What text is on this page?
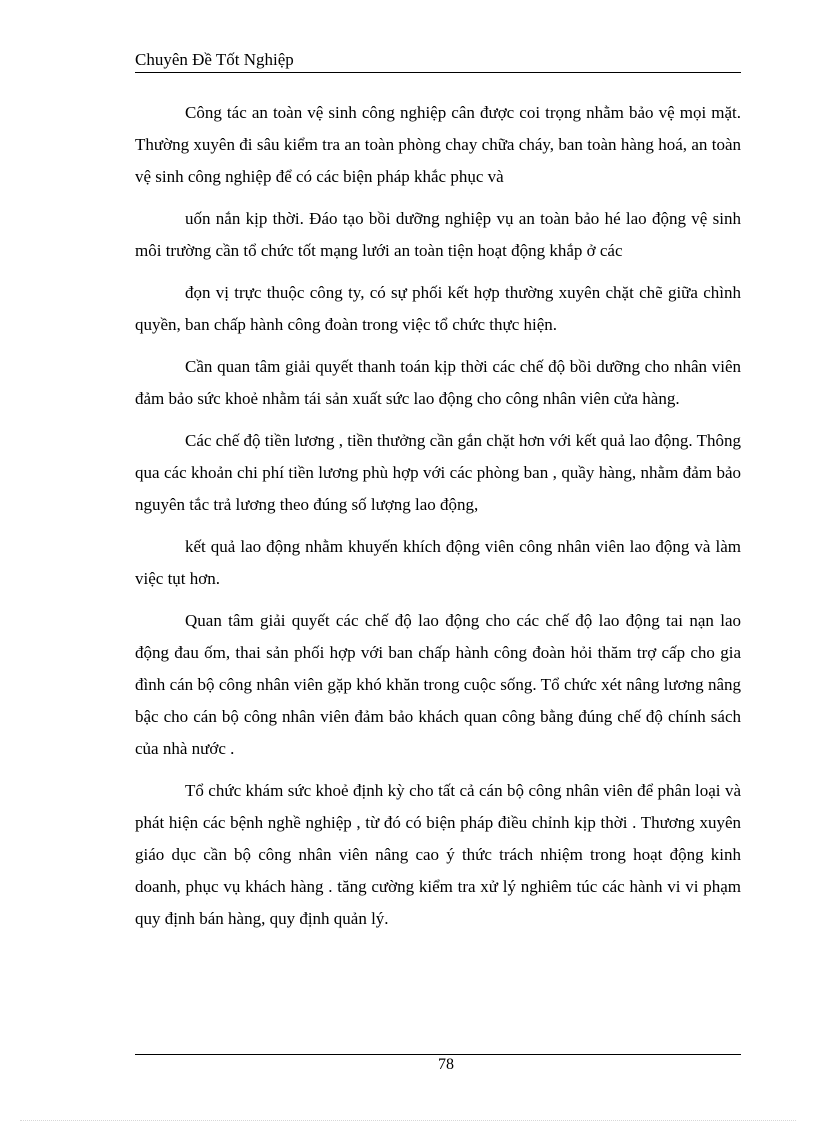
Chuyên Đề Tốt Nghiệp

Công tác an toàn vệ sinh công nghiệp cân được coi trọng nhằm bảo vệ mọi mặt. Thường xuyên đi sâu kiểm tra an toàn phòng chay chữa cháy, ban toàn hàng hoá, an toàn vệ sinh công nghiệp để có các biện pháp khắc phục và

uốn nắn kịp thời. Đáo tạo bồi dưỡng nghiệp vụ an toàn bảo hé lao động vệ sinh môi trường cần tổ chức tốt mạng lưới an toàn tiện hoạt động khắp ở các

đọn vị trực thuộc công ty, có sự phối kết hợp thường xuyên chặt chẽ giữa chình quyền, ban chấp hành công đoàn trong việc tổ chức thực hiện.

Cần quan tâm giải quyết thanh toán kịp thời các chế độ bồi dưỡng cho nhân viên đảm bảo sức khoẻ nhằm tái sản xuất sức lao động cho công nhân viên cửa hàng.

Các chế độ tiền lương , tiền thưởng cần gắn chặt hơn với kết quả lao động. Thông qua các khoản chi phí tiền lương phù hợp với các phòng ban , quầy hàng, nhằm đảm bảo nguyên tắc trả lương theo đúng số lượng lao động,

kết quả lao động nhằm khuyến khích động viên công nhân viên lao động và làm việc tụt hơn.

Quan tâm giải quyết các chế độ lao động cho các chế độ lao động tai nạn lao động đau ốm, thai sản phối hợp với ban chấp hành công đoàn hỏi thăm trợ cấp cho gia đình cán bộ công nhân viên gặp khó khăn trong cuộc sống. Tổ chức xét nâng lương nâng bậc cho cán bộ công nhân viên đảm bảo khách quan công bằng đúng chế độ chính sách của nhà nước .

Tổ chức khám sức khoẻ định kỳ cho tất cả cán bộ công nhân viên để phân loại và phát hiện các bệnh nghề nghiệp , từ đó có biện pháp điều chỉnh kịp thời . Thương xuyên giáo dục cần bộ công nhân viên nâng cao ý thức trách nhiệm trong hoạt động kinh doanh, phục vụ khách hàng . tăng cường kiểm tra xử lý nghiêm túc các hành vi vi phạm quy định bán hàng, quy định quản lý.

78
